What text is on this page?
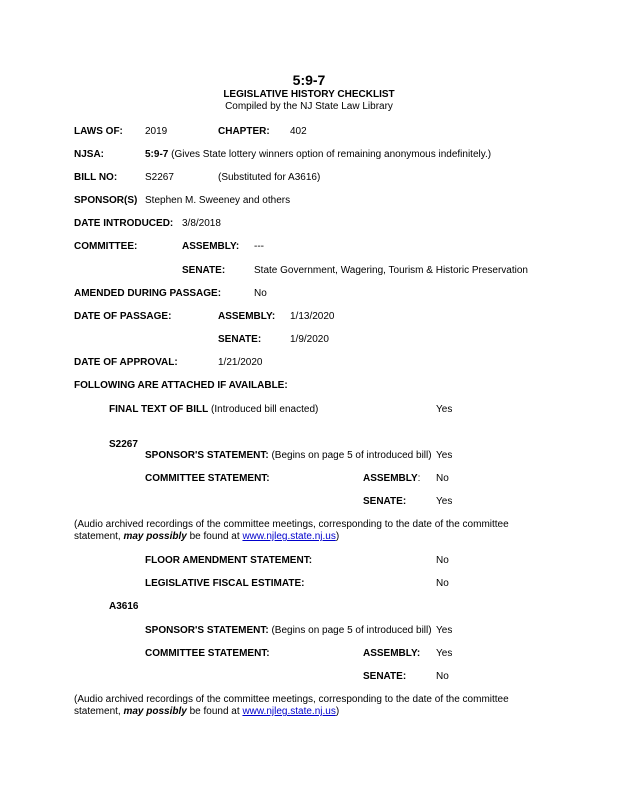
5:9-7
LEGISLATIVE HISTORY CHECKLIST
Compiled by the NJ State Law Library
LAWS OF: 2019	CHAPTER: 402
NJSA:	5:9-7 (Gives State lottery winners option of remaining anonymous indefinitely.)
BILL NO:	S2267	(Substituted for A3616)
SPONSOR(S) Stephen M. Sweeney and others
DATE INTRODUCED: 3/8/2018
COMMITTEE:	ASSEMBLY: ---
SENATE:	State Government, Wagering, Tourism & Historic Preservation
AMENDED DURING PASSAGE:	No
DATE OF PASSAGE:	ASSEMBLY: 1/13/2020
SENATE:	1/9/2020
DATE OF APPROVAL:	1/21/2020
FOLLOWING ARE ATTACHED IF AVAILABLE:
FINAL TEXT OF BILL (Introduced bill enacted)	Yes
S2267
SPONSOR'S STATEMENT: (Begins on page 5 of introduced bill) Yes
COMMITTEE STATEMENT:	ASSEMBLY: No
SENATE:	Yes
(Audio archived recordings of the committee meetings, corresponding to the date of the committee statement, may possibly be found at www.njleg.state.nj.us)
FLOOR AMENDMENT STATEMENT:	No
LEGISLATIVE FISCAL ESTIMATE:	No
A3616
SPONSOR'S STATEMENT: (Begins on page 5 of introduced bill) Yes
COMMITTEE STATEMENT:	ASSEMBLY: Yes
SENATE:	No
(Audio archived recordings of the committee meetings, corresponding to the date of the committee statement, may possibly be found at www.njleg.state.nj.us)
